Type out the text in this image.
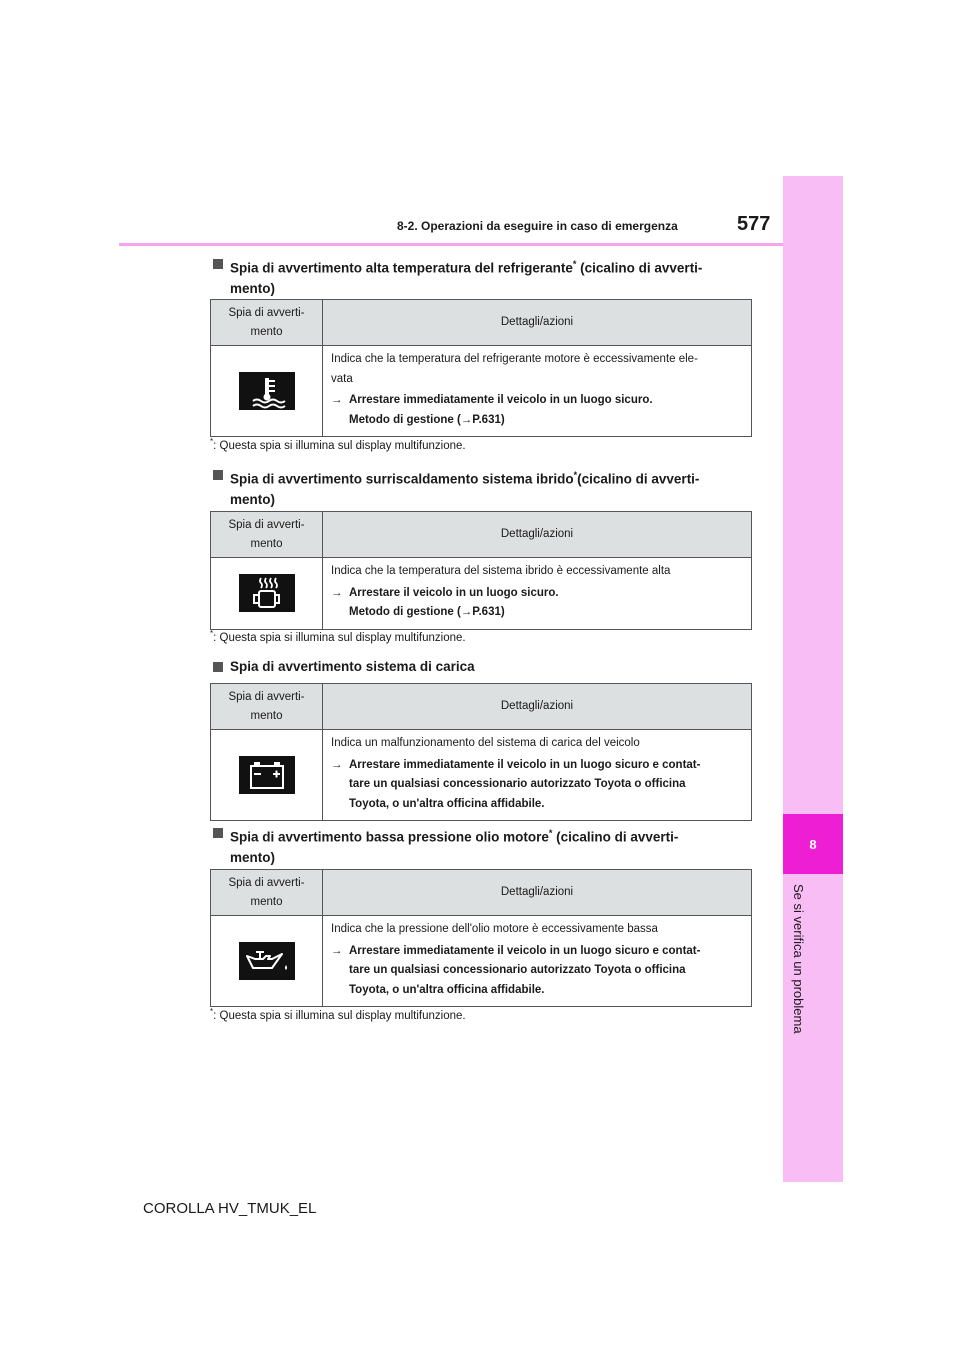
8
Se si verifica un problema
8-2. Operazioni da eseguire in caso di emergenza	577
Spia di avvertimento alta temperatura del refrigerante* (cicalino di avverti-
mento)
Spia di avverti-
mento	Dettagli/azioni

Indica che la temperatura del refrigerante motore è eccessivamente ele-
vata
→ Arrestare immediatamente il veicolo in un luogo sicuro.
Metodo di gestione (→P.631)
*: Questa spia si illumina sul display multifunzione.
Spia di avvertimento surriscaldamento sistema ibrido*(cicalino di avverti-
mento)
Spia di avverti-
mento	Dettagli/azioni

Indica che la temperatura del sistema ibrido è eccessivamente alta
→ Arrestare il veicolo in un luogo sicuro.
Metodo di gestione (→P.631)
*: Questa spia si illumina sul display multifunzione.
Spia di avvertimento sistema di carica
Spia di avverti-
mento	Dettagli/azioni

Indica un malfunzionamento del sistema di carica del veicolo
→ Arrestare immediatamente il veicolo in un luogo sicuro e contat-
tare un qualsiasi concessionario autorizzato Toyota o officina
Toyota, o un'altra officina affidabile.
Spia di avvertimento bassa pressione olio motore* (cicalino di avverti-
mento)
Spia di avverti-
mento	Dettagli/azioni

Indica che la pressione dell'olio motore è eccessivamente bassa
→ Arrestare immediatamente il veicolo in un luogo sicuro e contat-
tare un qualsiasi concessionario autorizzato Toyota o officina
Toyota, o un'altra officina affidabile.
*: Questa spia si illumina sul display multifunzione.
COROLLA HV_TMUK_EL
